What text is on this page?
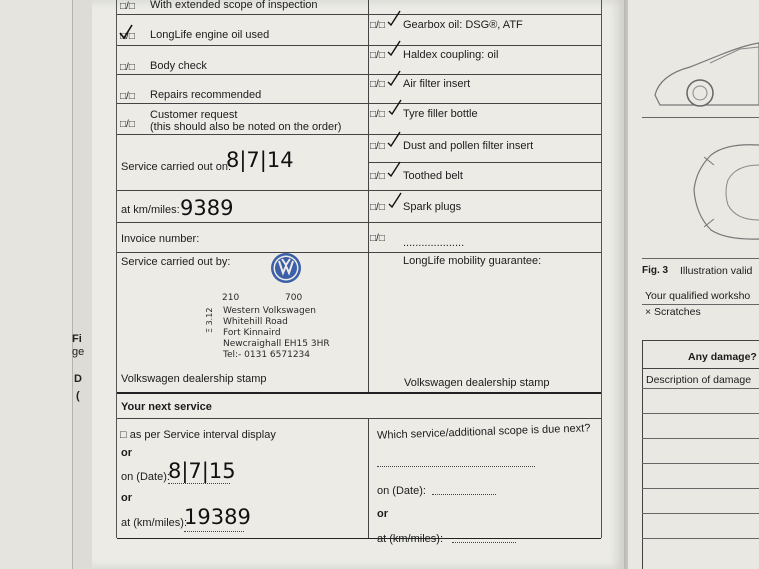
Fi
ge
D
(
Fig. 3 Illustration valid
Your qualified worksho
× Scratches
Any damage?
Description of damage
□/□ With extended scope of inspection
□/□ LongLife engine oil used
□/□ Body check
□/□ Repairs recommended
□/□
Customer request
(this should also be noted on the order)
□/□ Gearbox oil: DSG®, ATF
□/□ Haldex coupling: oil
□/□ Air filter insert
□/□ Tyre filler bottle
□/□ Dust and pollen filter insert
□/□ Toothed belt
□/□ Spark plugs
□/□ ....................
Service carried out on:
8|7|14
at km/miles: 9389
Invoice number:
Service carried out by:	LongLife mobility guarantee:
210	700
Western Volkswagen
Whitehill Road
Fort Kinnaird
Newcraighall EH15 3HR
Tel:- 0131 6571234
Ξ 3.12
Volkswagen dealership stamp	Volkswagen dealership stamp
Your next service
□ as per Service interval display
or
on (Date):
8|7|15
or
at (km/miles):
19389
Which service/additional scope is due next?
on (Date):
or
at (km/miles):
